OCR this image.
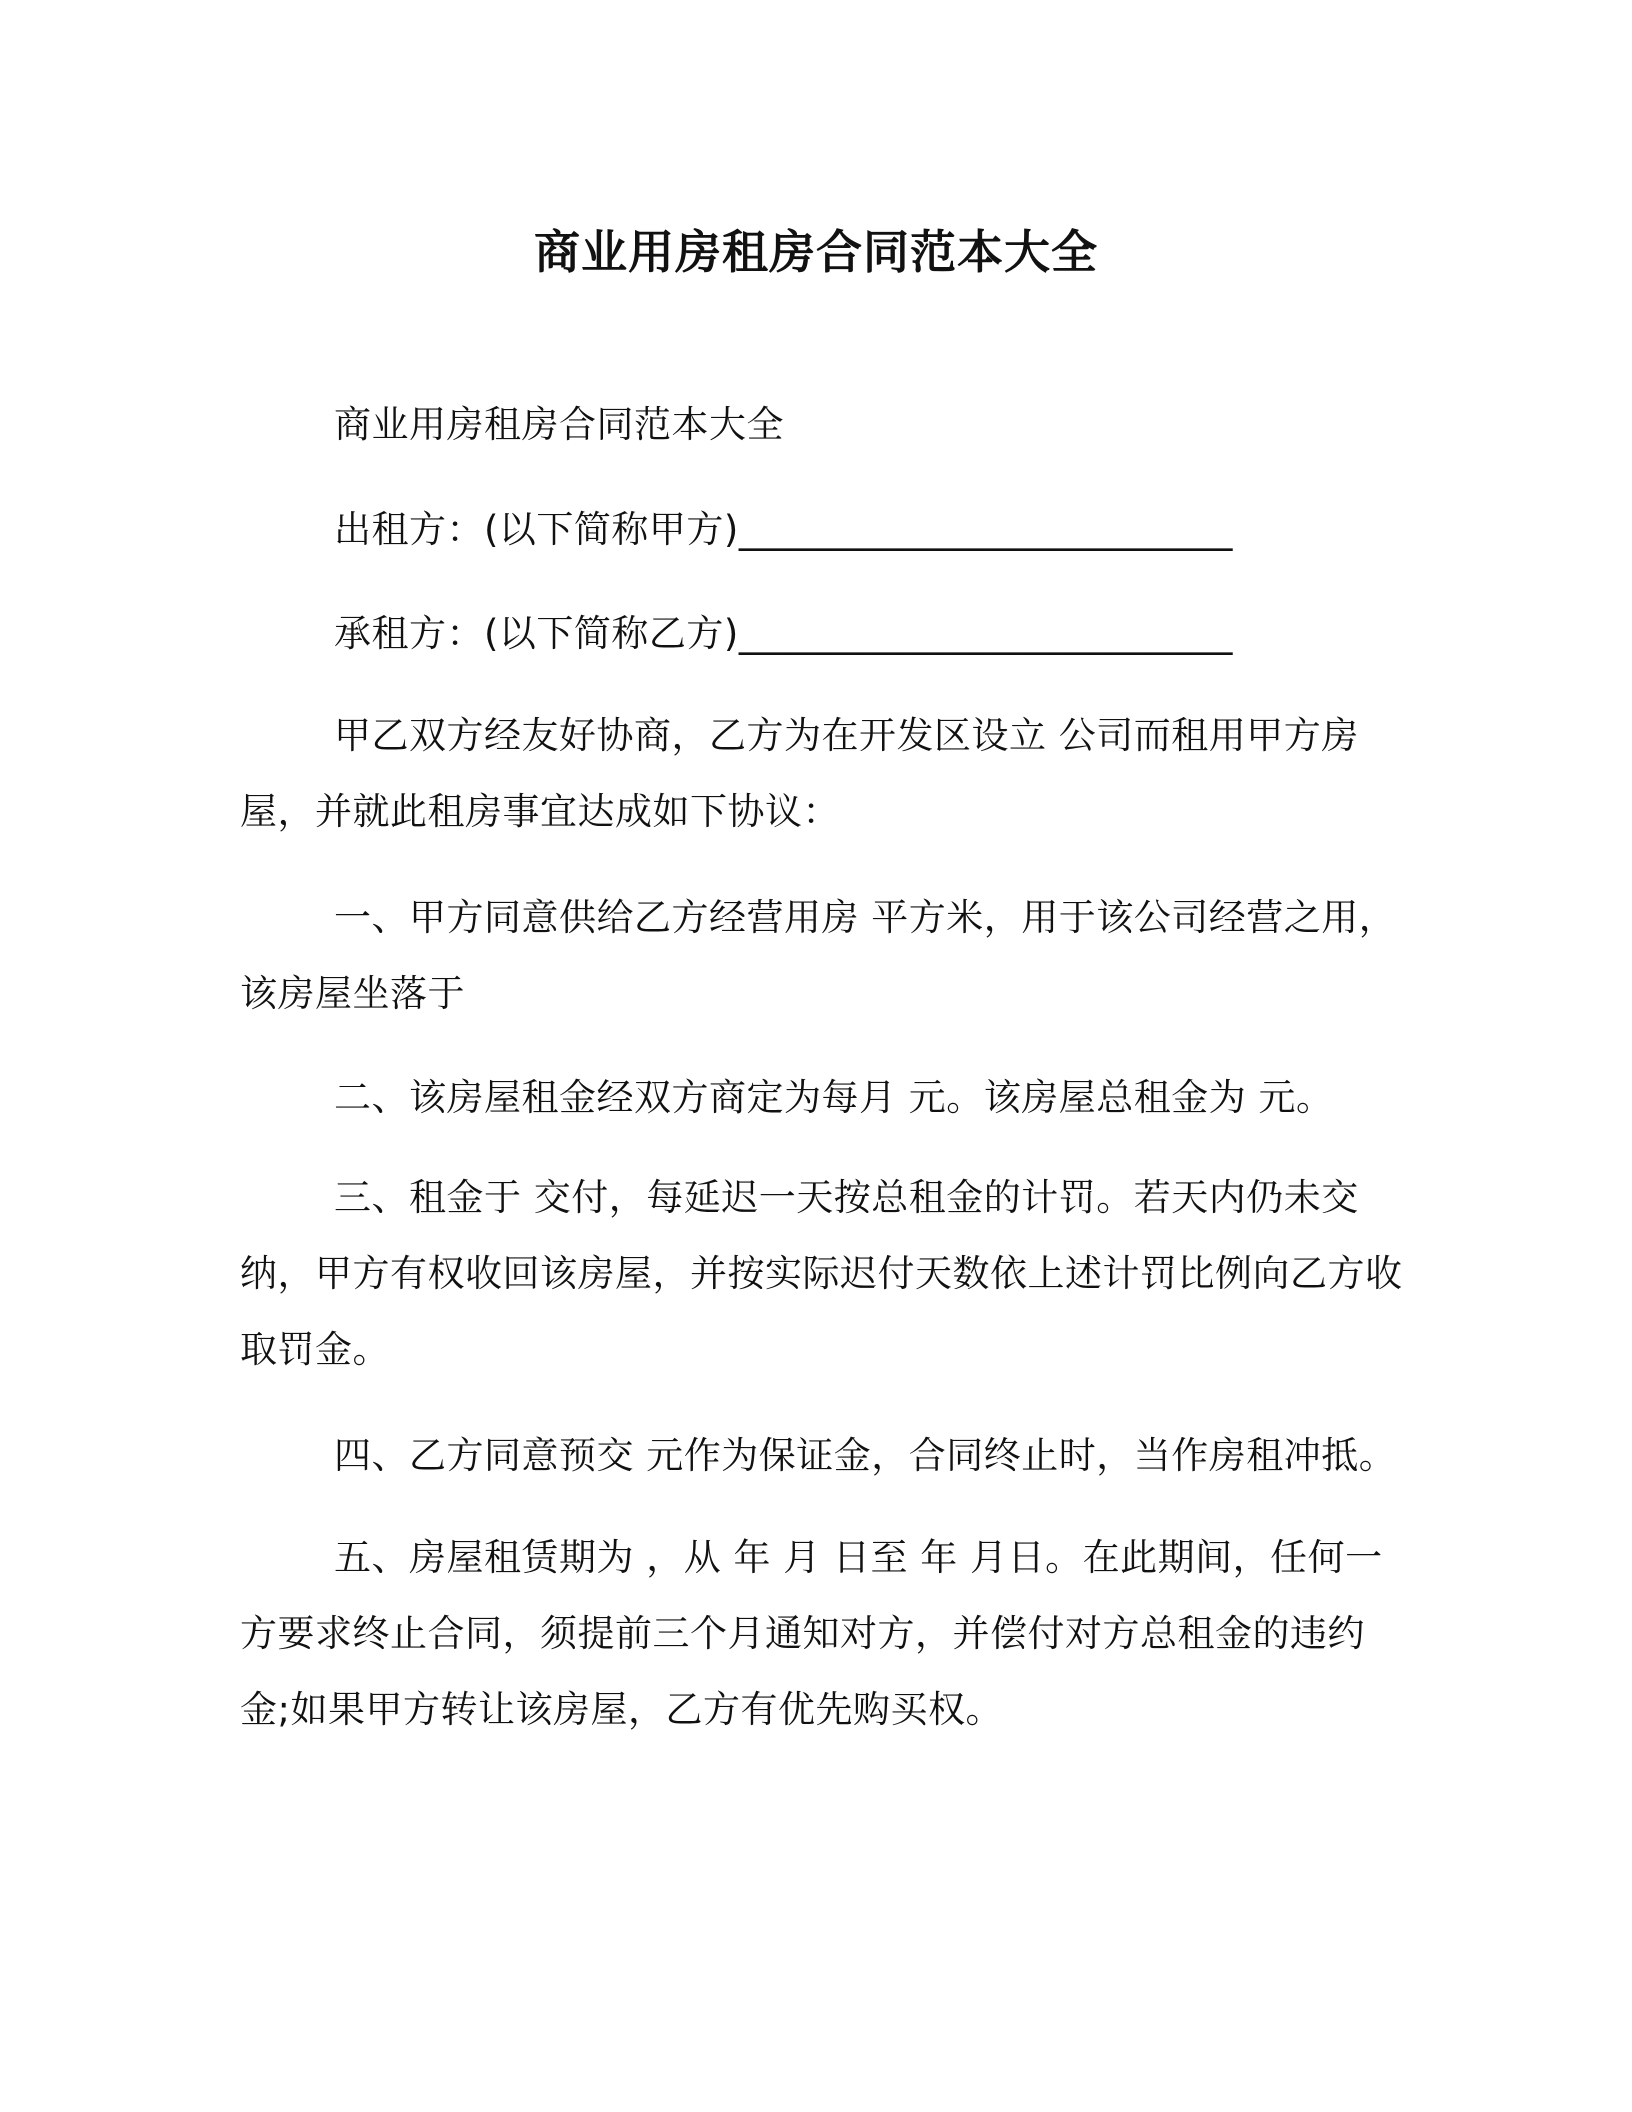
商业用房租房合同范本大全

商业用房租房合同范本大全

出租方：(以下简称甲方)__________________________

承租方：(以下简称乙方)__________________________

甲乙双方经友好协商，乙方为在开发区设立 公司而租用甲方房屋，并就此租房事宜达成如下协议：

一、甲方同意供给乙方经营用房 平方米，用于该公司经营之用，该房屋坐落于

二、该房屋租金经双方商定为每月 元。该房屋总租金为 元。

三、租金于 交付，每延迟一天按总租金的计罚。若天内仍未交纳，甲方有权收回该房屋，并按实际迟付天数依上述计罚比例向乙方收取罚金。

四、乙方同意预交 元作为保证金，合同终止时，当作房租冲抵。

五、房屋租赁期为 ，从 年 月 日至 年 月日。在此期间，任何一方要求终止合同，须提前三个月通知对方，并偿付对方总租金的违约金;如果甲方转让该房屋，乙方有优先购买权。
